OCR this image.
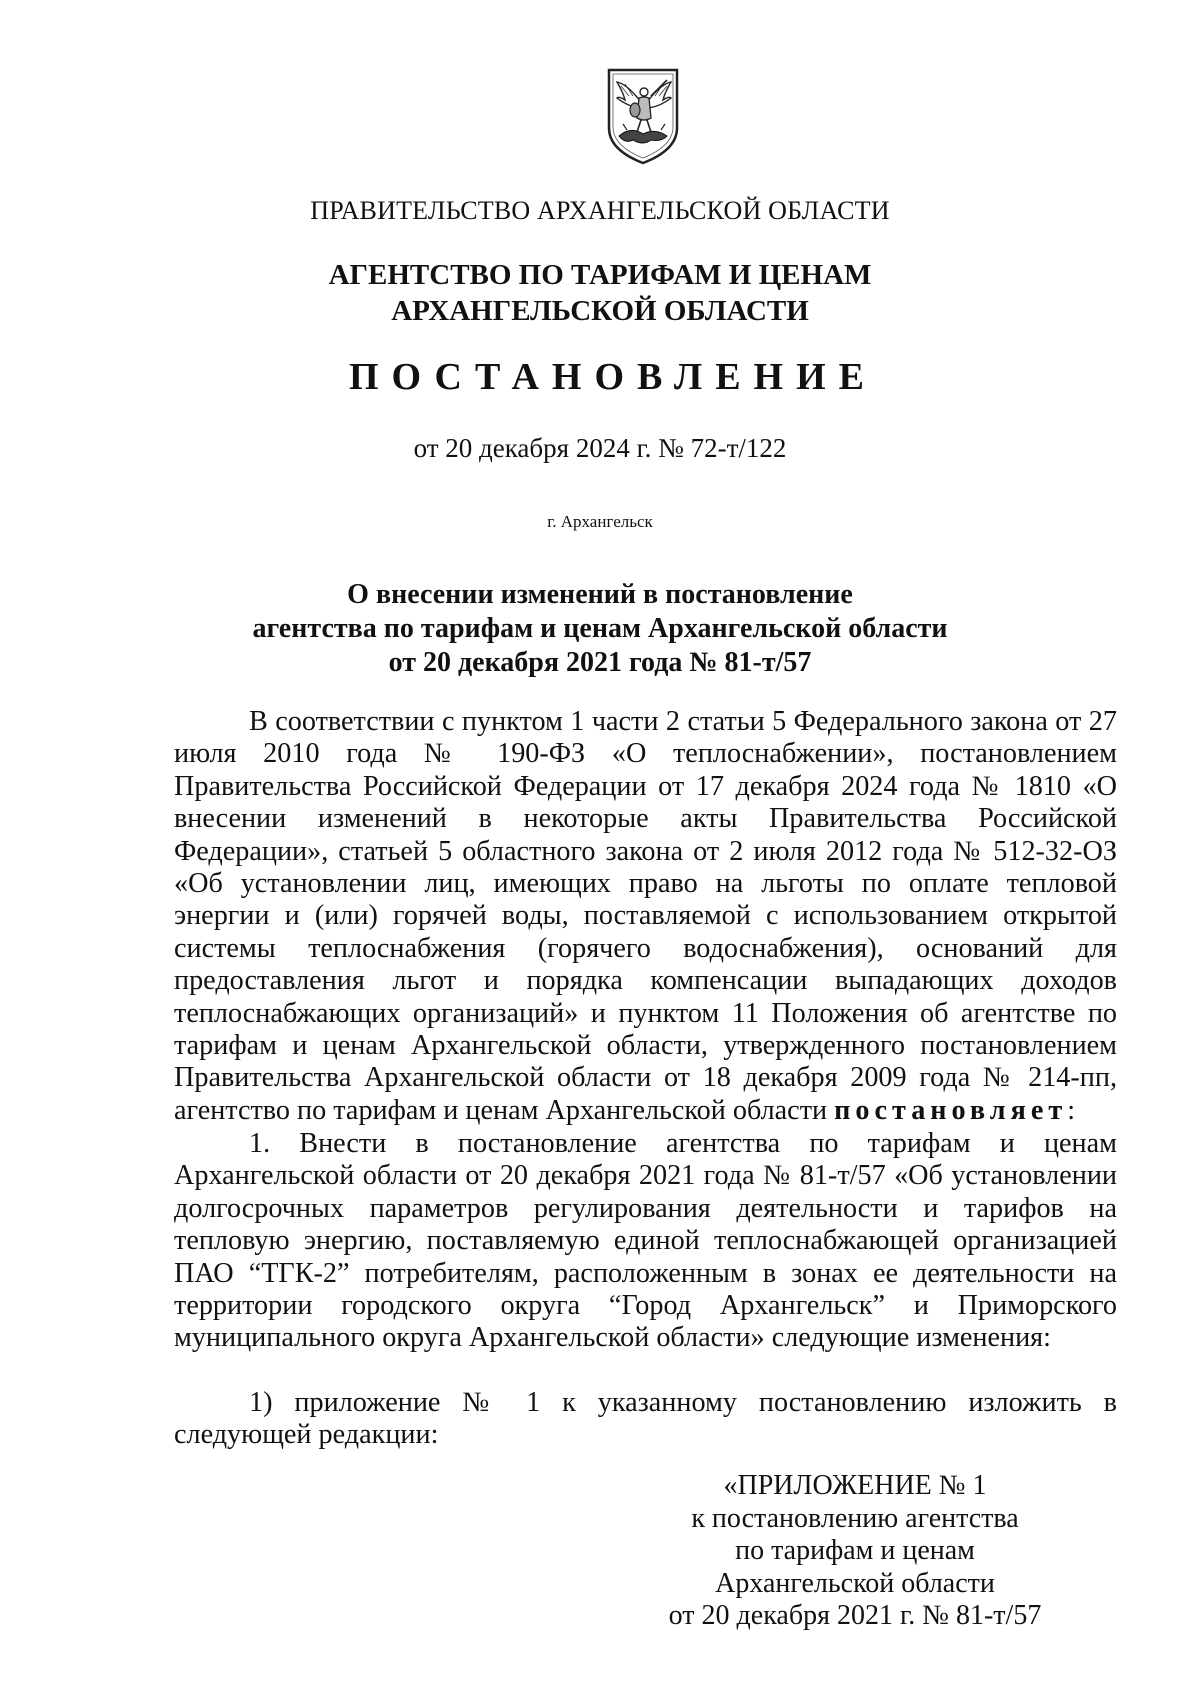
ПРАВИТЕЛЬСТВО АРХАНГЕЛЬСКОЙ ОБЛАСТИ
АГЕНТСТВО ПО ТАРИФАМ И ЦЕНАМ
АРХАНГЕЛЬСКОЙ ОБЛАСТИ
ПОСТАНОВЛЕНИЕ
от 20 декабря 2024 г. № 72-т/122
г. Архангельск
О внесении изменений в постановление
агентства по тарифам и ценам Архангельской области
от 20 декабря 2021 года № 81-т/57

В соответствии с пунктом 1 части 2 статьи 5 Федерального закона от 27 июля 2010 года № 190-ФЗ «О теплоснабжении», постановлением Правительства Российской Федерации от 17 декабря 2024 года № 1810 «О внесении изменений в некоторые акты Правительства Российской Федерации», статьей 5 областного закона от 2 июля 2012 года № 512-32-ОЗ «Об установлении лиц, имеющих право на льготы по оплате тепловой энергии и (или) горячей воды, поставляемой с использованием открытой системы теплоснабжения (горячего водоснабжения), оснований для предоставления льгот и порядка компенсации выпадающих доходов теплоснабжающих организаций» и пунктом 11 Положения об агентстве по тарифам и ценам Архангельской области, утвержденного постановлением Правительства Архангельской области от 18 декабря 2009 года № 214-пп, агентство по тарифам и ценам Архангельской области постановляет:

1. Внести в постановление агентства по тарифам и ценам Архангельской области от 20 декабря 2021 года № 81-т/57 «Об установлении долгосрочных параметров регулирования деятельности и тарифов на тепловую энергию, поставляемую единой теплоснабжающей организацией ПАО “ТГК-2” потребителям, расположенным в зонах ее деятельности на территории городского округа “Город Архангельск” и Приморского муниципального округа Архангельской области» следующие изменения:

1) приложение № 1 к указанному постановлению изложить в следующей редакции:

«ПРИЛОЖЕНИЕ № 1
к постановлению агентства
по тарифам и ценам
Архангельской области
от 20 декабря 2021 г. № 81-т/57
